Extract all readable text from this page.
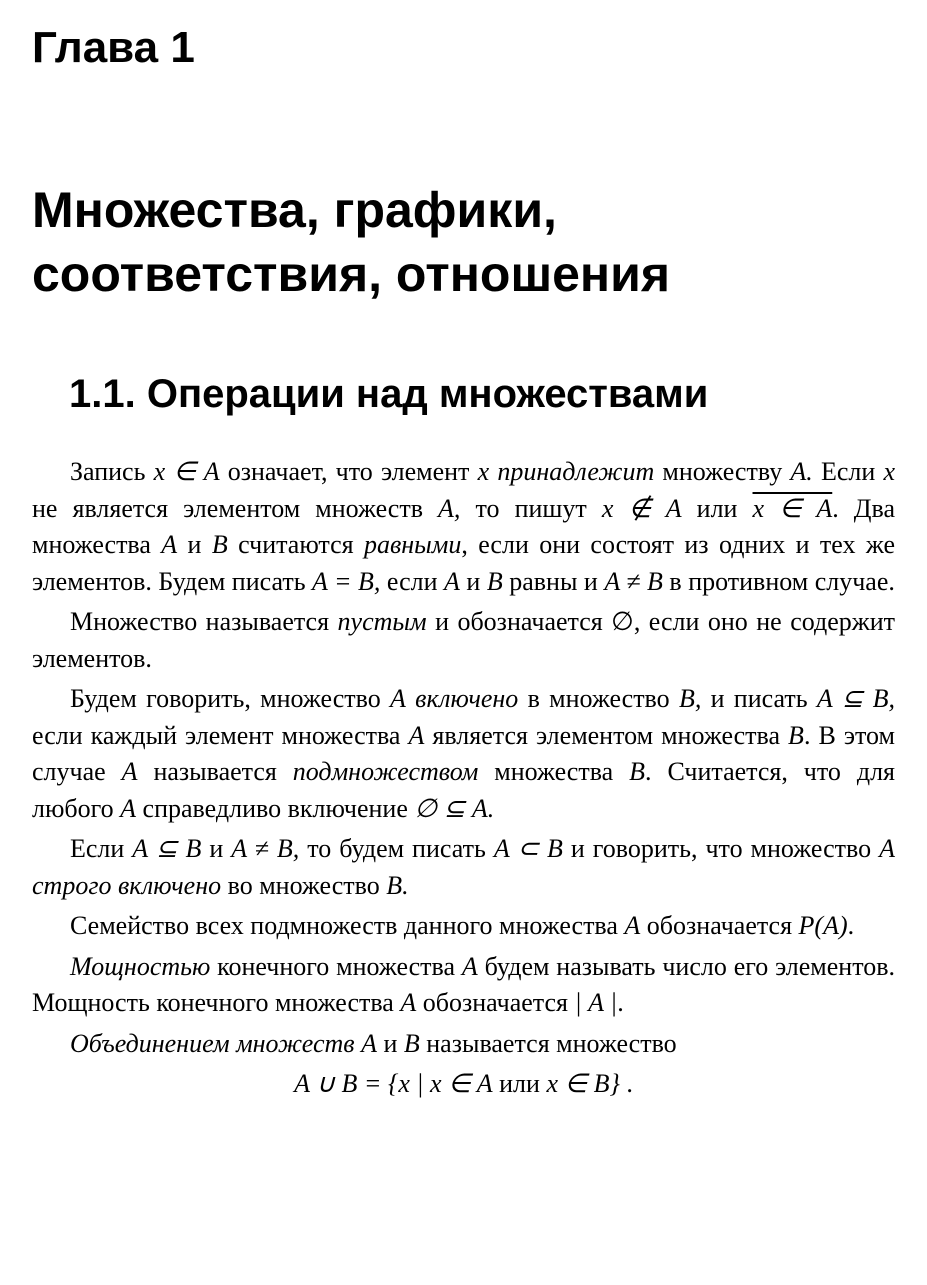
Глава 1
Множества, графики,
соответствия, отношения
1.1. Операции над множествами

Запись x ∈ A означает, что элемент x принадлежит множеству A. Если x не является элементом множеств A, то пишут x ∉ A или x ∈ A. Два множества A и B считаются равными, если они состоят из одних и тех же элементов. Будем писать A = B, если A и B равны и A ≠ B в противном случае.

Множество называется пустым и обозначается ∅, если оно не содержит элементов.

Будем говорить, множество A включено в множество B, и писать A ⊆ B, если каждый элемент множества A является элементом множества B. В этом случае A называется подмножеством множества B. Считается, что для любого A справедливо включение ∅ ⊆ A.

Если A ⊆ B и A ≠ B, то будем писать A ⊂ B и говорить, что множество A строго включено во множество B.

Семейство всех подмножеств данного множества A обозначается P(A).

Мощностью конечного множества A будем называть число его элементов. Мощность конечного множества A обозначается | A |.

Объединением множеств A и B называется множество

A ∪ B = {x | x ∈ A или x ∈ B} .
